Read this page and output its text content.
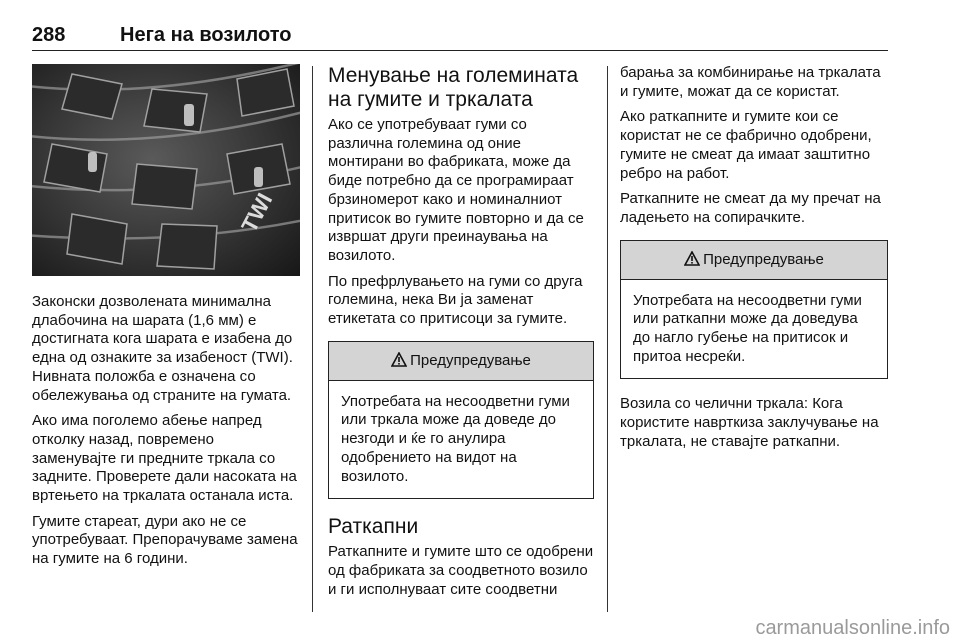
288	Нега на возилото
TWI

Законски дозволената минимална длабочина на шарата (1,6 мм) е достигната кога шарата е изабена до една од ознаките за изабеност (TWI). Нивната положба е означена со обележувања од страните на гумата.

Ако има поголемо абење напред отколку назад, повремено заменувајте ги предните тркала со задните. Проверете дали насоката на вртењето на тркалата останала иста.

Гумите стареат, дури ако не се употребуваат. Препорачуваме замена на гумите на 6 години.

Менување на големината на гумите и тркалата

Ако се употребуваат гуми со различна големина од оние монтирани во фабриката, може да биде потребно да се програмираат брзиномерот како и номиналниот притисок во гумите повторно и да се извршат други преинаувања на возилото.

По префрлувањето на гуми со друга големина, нека Ви ја заменат етикетата со притисоци за гумите.

Предупредување

Употребата на несоодветни гуми или тркала може да доведе до незгоди и ќе го анулира одобрението на видот на возилото.

Раткапни

Раткапните и гумите што се одобрени од фабриката за соодветното возило и ги исполнуваат сите соодветни

барања за комбинирање на тркалата и гумите, можат да се користат.

Ако раткапните и гумите кои се користат не се фабрично одобрени, гумите не смеат да имаат заштитно ребро на работ.

Раткапните не смеат да му пречат на ладењето на сопирачките.

Предупредување

Употребата на несоодветни гуми или раткапни може да доведува до нагло губење на притисок и притоа несреќи.

Возила со челични тркала: Кога користите наврткиза заклучување на тркалата, не ставајте раткапни.

carmanualsonline.info
